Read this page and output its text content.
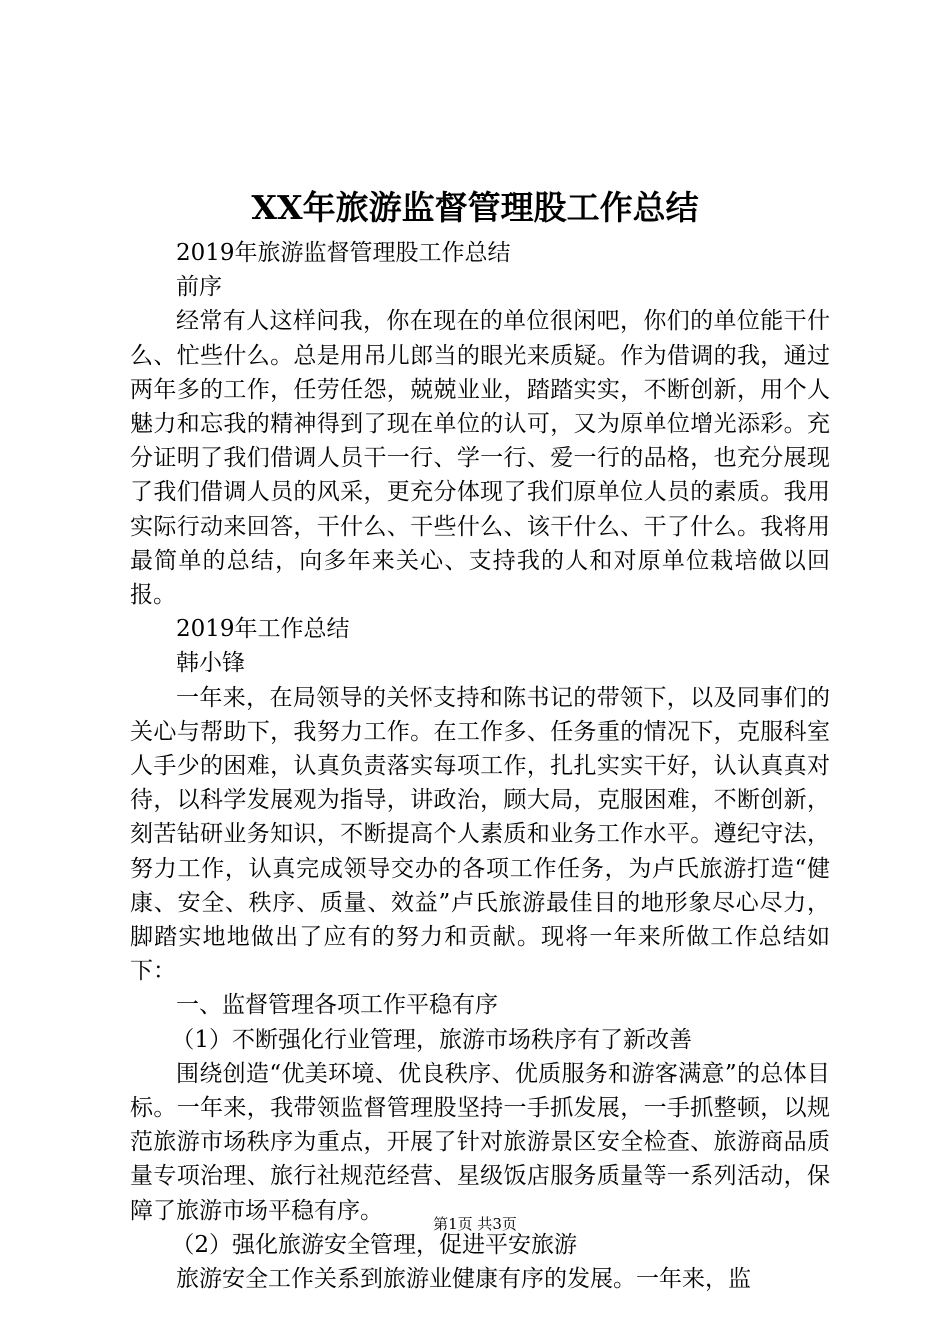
XX年旅游监督管理股工作总结

2019年旅游监督管理股工作总结

前序

经常有人这样问我，你在现在的单位很闲吧，你们的单位能干什么、忙些什么。总是用吊儿郎当的眼光来质疑。作为借调的我，通过两年多的工作，任劳任怨，兢兢业业，踏踏实实，不断创新，用个人魅力和忘我的精神得到了现在单位的认可，又为原单位增光添彩。充分证明了我们借调人员干一行、学一行、爱一行的品格，也充分展现了我们借调人员的风采，更充分体现了我们原单位人员的素质。我用实际行动来回答，干什么、干些什么、该干什么、干了什么。我将用最简单的总结，向多年来关心、支持我的人和对原单位栽培做以回报。

2019年工作总结

韩小锋

一年来，在局领导的关怀支持和陈书记的带领下，以及同事们的关心与帮助下，我努力工作。在工作多、任务重的情况下，克服科室人手少的困难，认真负责落实每项工作，扎扎实实干好，认认真真对待，以科学发展观为指导，讲政治，顾大局，克服困难，不断创新，刻苦钻研业务知识，不断提高个人素质和业务工作水平。遵纪守法，努力工作，认真完成领导交办的各项工作任务，为卢氏旅游打造“健康、安全、秩序、质量、效益”卢氏旅游最佳目的地形象尽心尽力，脚踏实地地做出了应有的努力和贡献。现将一年来所做工作总结如下：

一、监督管理各项工作平稳有序

（1）不断强化行业管理，旅游市场秩序有了新改善

围绕创造“优美环境、优良秩序、优质服务和游客满意”的总体目标。一年来，我带领监督管理股坚持一手抓发展，一手抓整顿，以规范旅游市场秩序为重点，开展了针对旅游景区安全检查、旅游商品质量专项治理、旅行社规范经营、星级饭店服务质量等一系列活动，保障了旅游市场平稳有序。

（2）强化旅游安全管理，促进平安旅游

旅游安全工作关系到旅游业健康有序的发展。一年来，监

第1页 共3页
